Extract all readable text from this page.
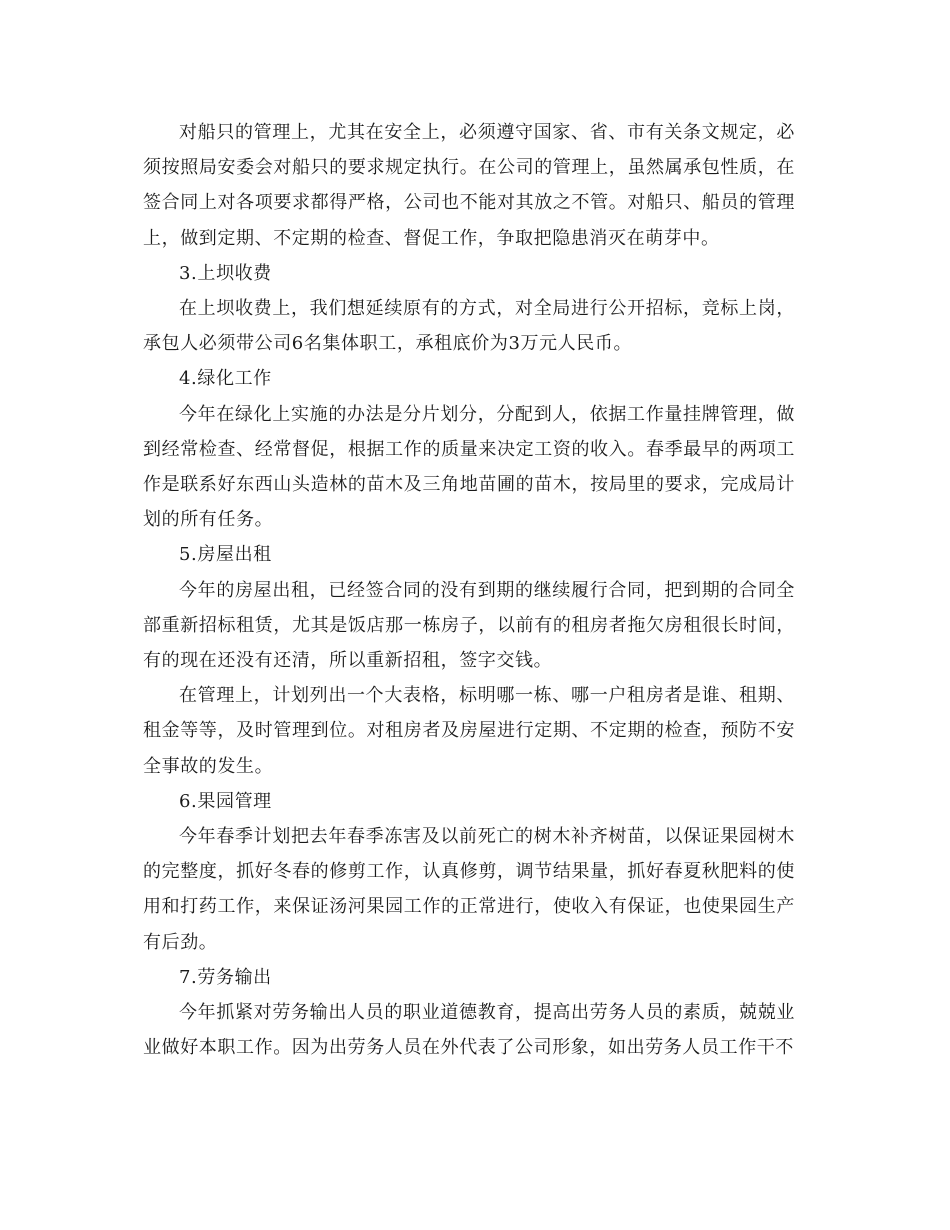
对船只的管理上，尤其在安全上，必须遵守国家、省、市有关条文规定，必须按照局安委会对船只的要求规定执行。在公司的管理上，虽然属承包性质，在签合同上对各项要求都得严格，公司也不能对其放之不管。对船只、船员的管理上，做到定期、不定期的检查、督促工作，争取把隐患消灭在萌芽中。

3.上坝收费

在上坝收费上，我们想延续原有的方式，对全局进行公开招标，竞标上岗，承包人必须带公司6名集体职工，承租底价为3万元人民币。

4.绿化工作

今年在绿化上实施的办法是分片划分，分配到人，依据工作量挂牌管理，做到经常检查、经常督促，根据工作的质量来决定工资的收入。春季最早的两项工作是联系好东西山头造林的苗木及三角地苗圃的苗木，按局里的要求，完成局计划的所有任务。

5.房屋出租

今年的房屋出租，已经签合同的没有到期的继续履行合同，把到期的合同全部重新招标租赁，尤其是饭店那一栋房子，以前有的租房者拖欠房租很长时间，有的现在还没有还清，所以重新招租，签字交钱。

在管理上，计划列出一个大表格，标明哪一栋、哪一户租房者是谁、租期、租金等等，及时管理到位。对租房者及房屋进行定期、不定期的检查，预防不安全事故的发生。

6.果园管理

今年春季计划把去年春季冻害及以前死亡的树木补齐树苗，以保证果园树木的完整度，抓好冬春的修剪工作，认真修剪，调节结果量，抓好春夏秋肥料的使用和打药工作，来保证汤河果园工作的正常进行，使收入有保证，也使果园生产有后劲。

7.劳务输出

今年抓紧对劳务输出人员的职业道德教育，提高出劳务人员的素质，兢兢业业做好本职工作。因为出劳务人员在外代表了公司形象，如出劳务人员工作干不
